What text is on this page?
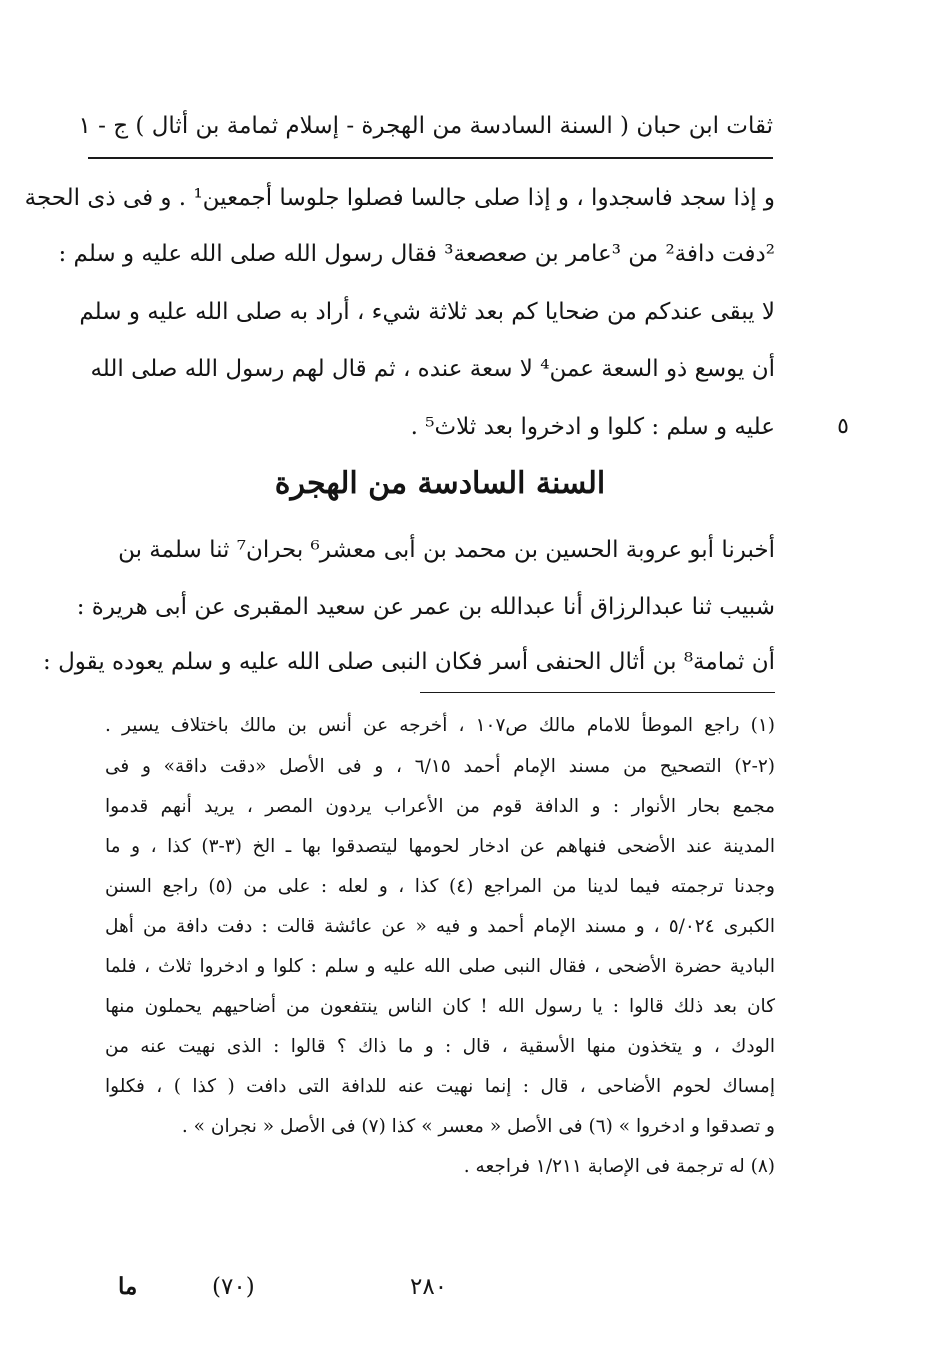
ثقات ابن حبان ( السنة السادسة من الهجرة - إسلام ثمامة بن أثال ) ج - ١
و إذا سجد فاسجدوا ، و إذا صلى جالسا فصلوا جلوسا أجمعين¹ . و فى ذى الحجة
²دفت دافة² من ³عامر بن صعصعة³ فقال رسول الله صلى الله عليه و سلم :
لا يبقى عندكم من ضحايا كم بعد ثلاثة شيء ، أراد به صلى الله عليه و سلم
أن يوسع ذو السعة عمن⁴ لا سعة عنده ، ثم قال لهم رسول الله صلى الله
عليه و سلم : كلوا و ادخروا بعد ثلاث⁵ .	٥
السنة السادسة من الهجرة
أخبرنا أبو عروبة الحسين بن محمد بن أبى معشر⁶ بحران⁷ ثنا سلمة بن
شبيب ثنا عبدالرزاق أنا عبدالله بن عمر عن سعيد المقبرى عن أبى هريرة :
أن ثمامة⁸ بن أثال الحنفى أسر فكان النبى صلى الله عليه و سلم يعوده يقول :
(١) راجع الموطأ للامام مالك ص١٠٧ ، أخرجه عن أنس بن مالك باختلاف يسير .
(٢-٢) التصحيح من مسند الإمام أحمد ٦/١٥ ، و فى الأصل «دقت داقة» و فى
مجمع بحار الأنوار : و الدافة قوم من الأعراب يردون المصر ، يريد أنهم قدموا
المدينة عند الأضحى فنهاهم عن ادخار لحومها ليتصدقوا بها ـ الخ (٣-٣) كذا ، و ما
وجدنا ترجمته فيما لدينا من المراجع (٤) كذا ، و لعله : على من (٥) راجع السنن
الكبرى ٥/٠٢٤ ، و مسند الإمام أحمد و فيه « عن عائشة قالت : دفت دافة من أهل
البادية حضرة الأضحى ، فقال النبى صلى الله عليه و سلم : كلوا و ادخروا ثلاث ، فلما
كان بعد ذلك قالوا : يا رسول الله ! كان الناس ينتفعون من أضاحيهم يحملون منها
الودك ، و يتخذون منها الأسقية ، قال : و ما ذاك ؟ قالوا : الذى نهيت عنه من
إمساك لحوم الأضاحى ، قال : إنما نهيت عنه للدافة التى دافت ( كذا ) ، فكلوا
و تصدقوا و ادخروا » (٦) فى الأصل « معسر » كذا (٧) فى الأصل « نجران » .
(٨) له ترجمة فى الإصابة ١/٢١١ فراجعه .
٢٨٠
(٧٠)
ما
